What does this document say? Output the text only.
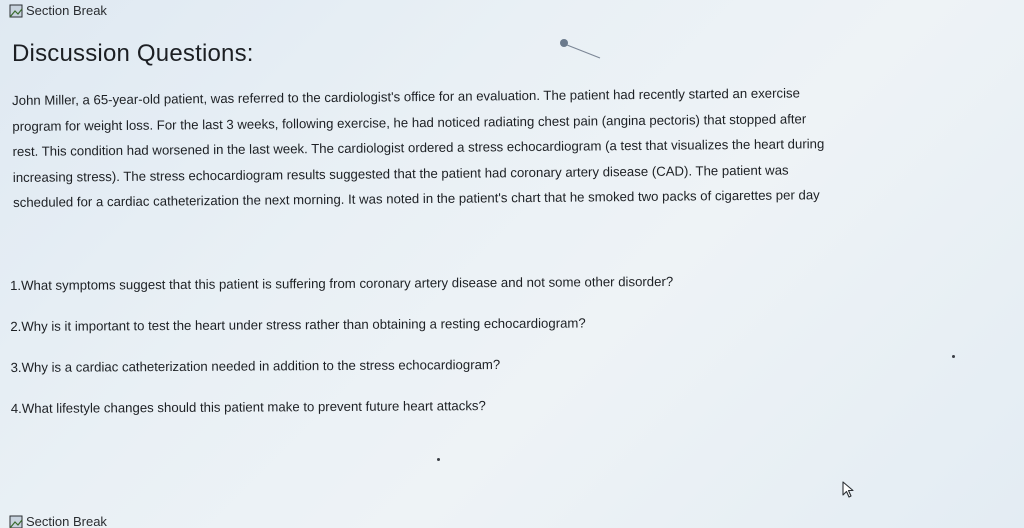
Section Break
Discussion Questions:
John Miller, a 65-year-old patient, was referred to the cardiologist's office for an evaluation. The patient had recently started an exercise
program for weight loss. For the last 3 weeks, following exercise, he had noticed radiating chest pain (angina pectoris) that stopped after
rest. This condition had worsened in the last week. The cardiologist ordered a stress echocardiogram (a test that visualizes the heart during
increasing stress). The stress echocardiogram results suggested that the patient had coronary artery disease (CAD). The patient was
scheduled for a cardiac catheterization the next morning. It was noted in the patient's chart that he smoked two packs of cigarettes per day
1.What symptoms suggest that this patient is suffering from coronary artery disease and not some other disorder?
2.Why is it important to test the heart under stress rather than obtaining a resting echocardiogram?
3.Why is a cardiac catheterization needed in addition to the stress echocardiogram?
4.What lifestyle changes should this patient make to prevent future heart attacks?
Section Break
